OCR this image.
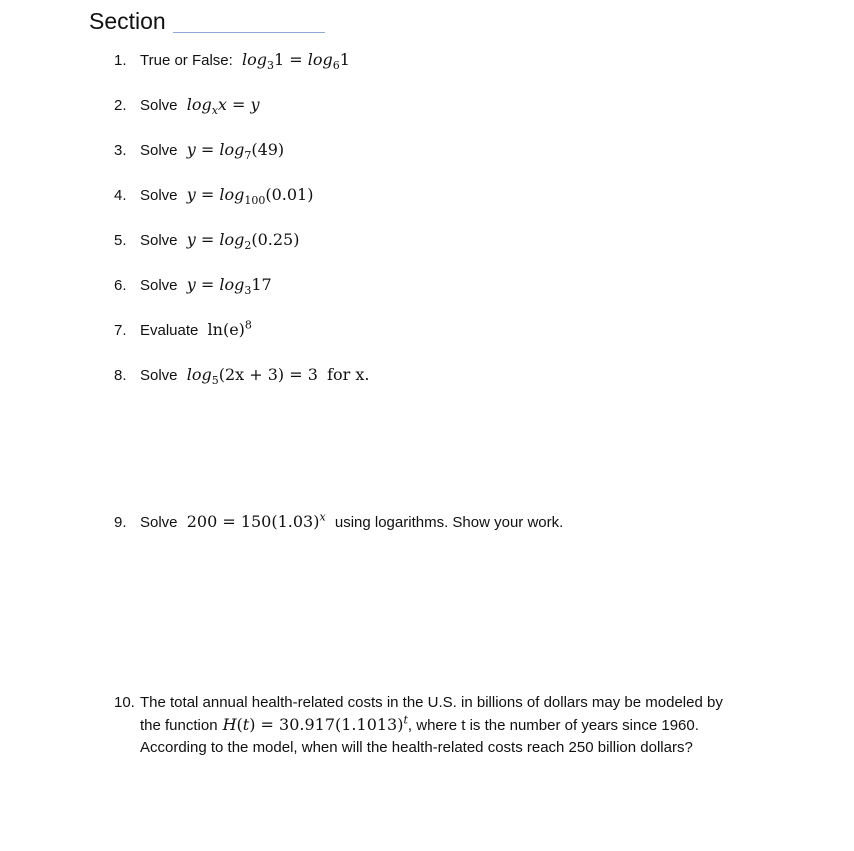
Section
1. True or False: $\log_31 = \log_61$
2. Solve $\log_xx = y$
3. Solve $y = \log_7(49)$
4. Solve $y = \log_{100}(0.01)$
5. Solve $y = \log_2(0.25)$
6. Solve $y = \log_317$
7. Evaluate $\ln(e)^8$
8. Solve $\log_5(2x + 3) = 3$ for x.
9. Solve $200 = 150(1.03)^x$ using logarithms. Show your work.
10. The total annual health-related costs in the U.S. in billions of dollars may be modeled by
the function $H(t) = 30.917(1.1013)^t$, where t is the number of years since 1960.
According to the model, when will the health-related costs reach 250 billion dollars?
